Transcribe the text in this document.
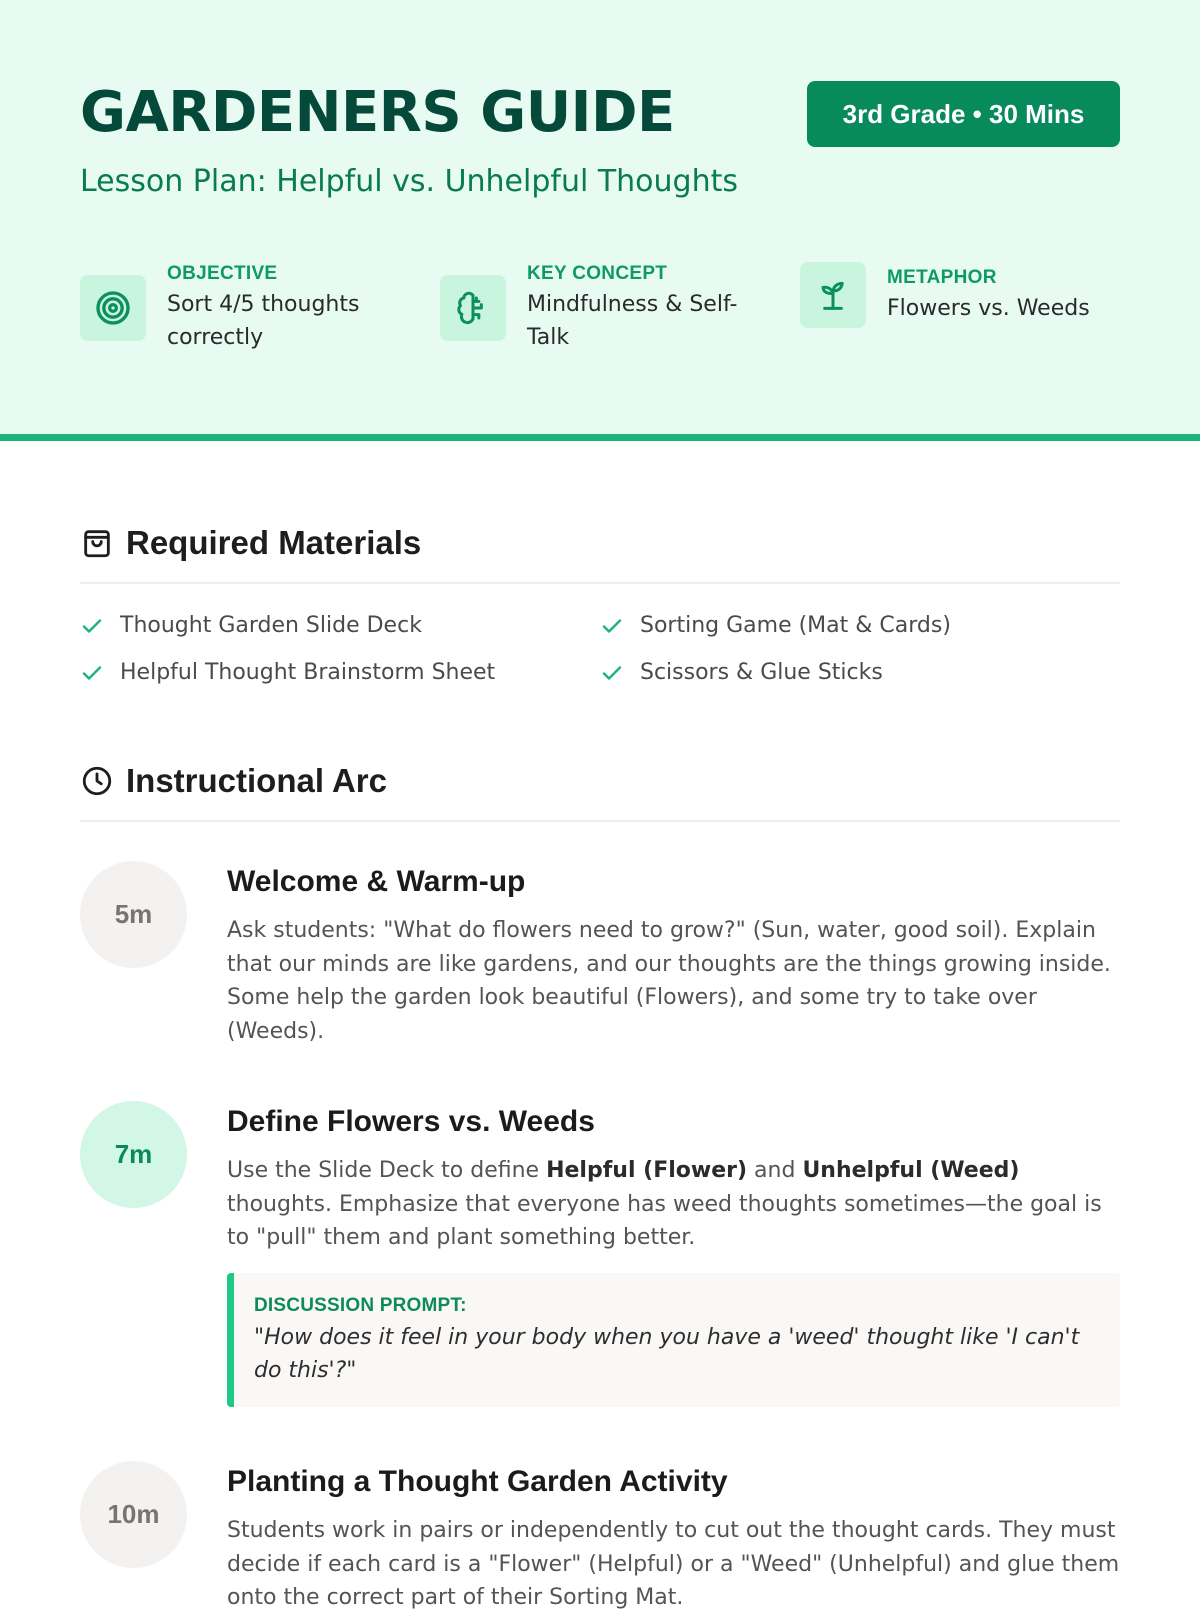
GARDENERS GUIDE	3rd Grade • 30 Mins
Lesson Plan: Helpful vs. Unhelpful Thoughts
OBJECTIVE
Sort 4/5 thoughts correctly
KEY CONCEPT
Mindfulness & Self-Talk
METAPHOR
Flowers vs. Weeds
Required Materials
Thought Garden Slide Deck	Sorting Game (Mat & Cards)
Helpful Thought Brainstorm Sheet	Scissors & Glue Sticks
Instructional Arc
5m
Welcome & Warm-up
Ask students: "What do flowers need to grow?" (Sun, water, good soil). Explain that our minds are like gardens, and our thoughts are the things growing inside. Some help the garden look beautiful (Flowers), and some try to take over (Weeds).
7m
Define Flowers vs. Weeds
Use the Slide Deck to define Helpful (Flower) and Unhelpful (Weed) thoughts. Emphasize that everyone has weed thoughts sometimes—the goal is to "pull" them and plant something better.
DISCUSSION PROMPT:
"How does it feel in your body when you have a 'weed' thought like 'I can't do this'?"
10m
Planting a Thought Garden Activity
Students work in pairs or independently to cut out the thought cards. They must decide if each card is a "Flower" (Helpful) or a "Weed" (Unhelpful) and glue them onto the correct part of their Sorting Mat.
